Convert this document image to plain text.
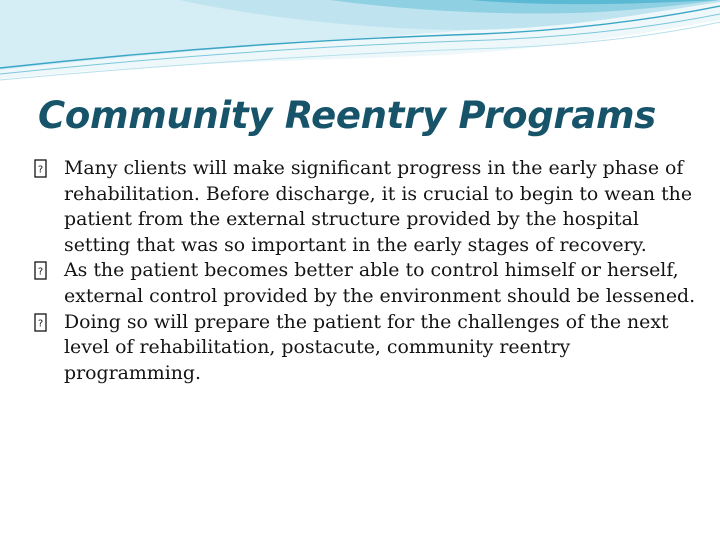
Community Reentry Programs

? Many clients will make significant progress in the early phase of rehabilitation. Before discharge, it is crucial to begin to wean the patient from the external structure provided by the hospital setting that was so important in the early stages of recovery.

? As the patient becomes better able to control himself or herself, external control provided by the environment should be lessened.

? Doing so will prepare the patient for the challenges of the next level of rehabilitation, postacute, community reentry programming.
